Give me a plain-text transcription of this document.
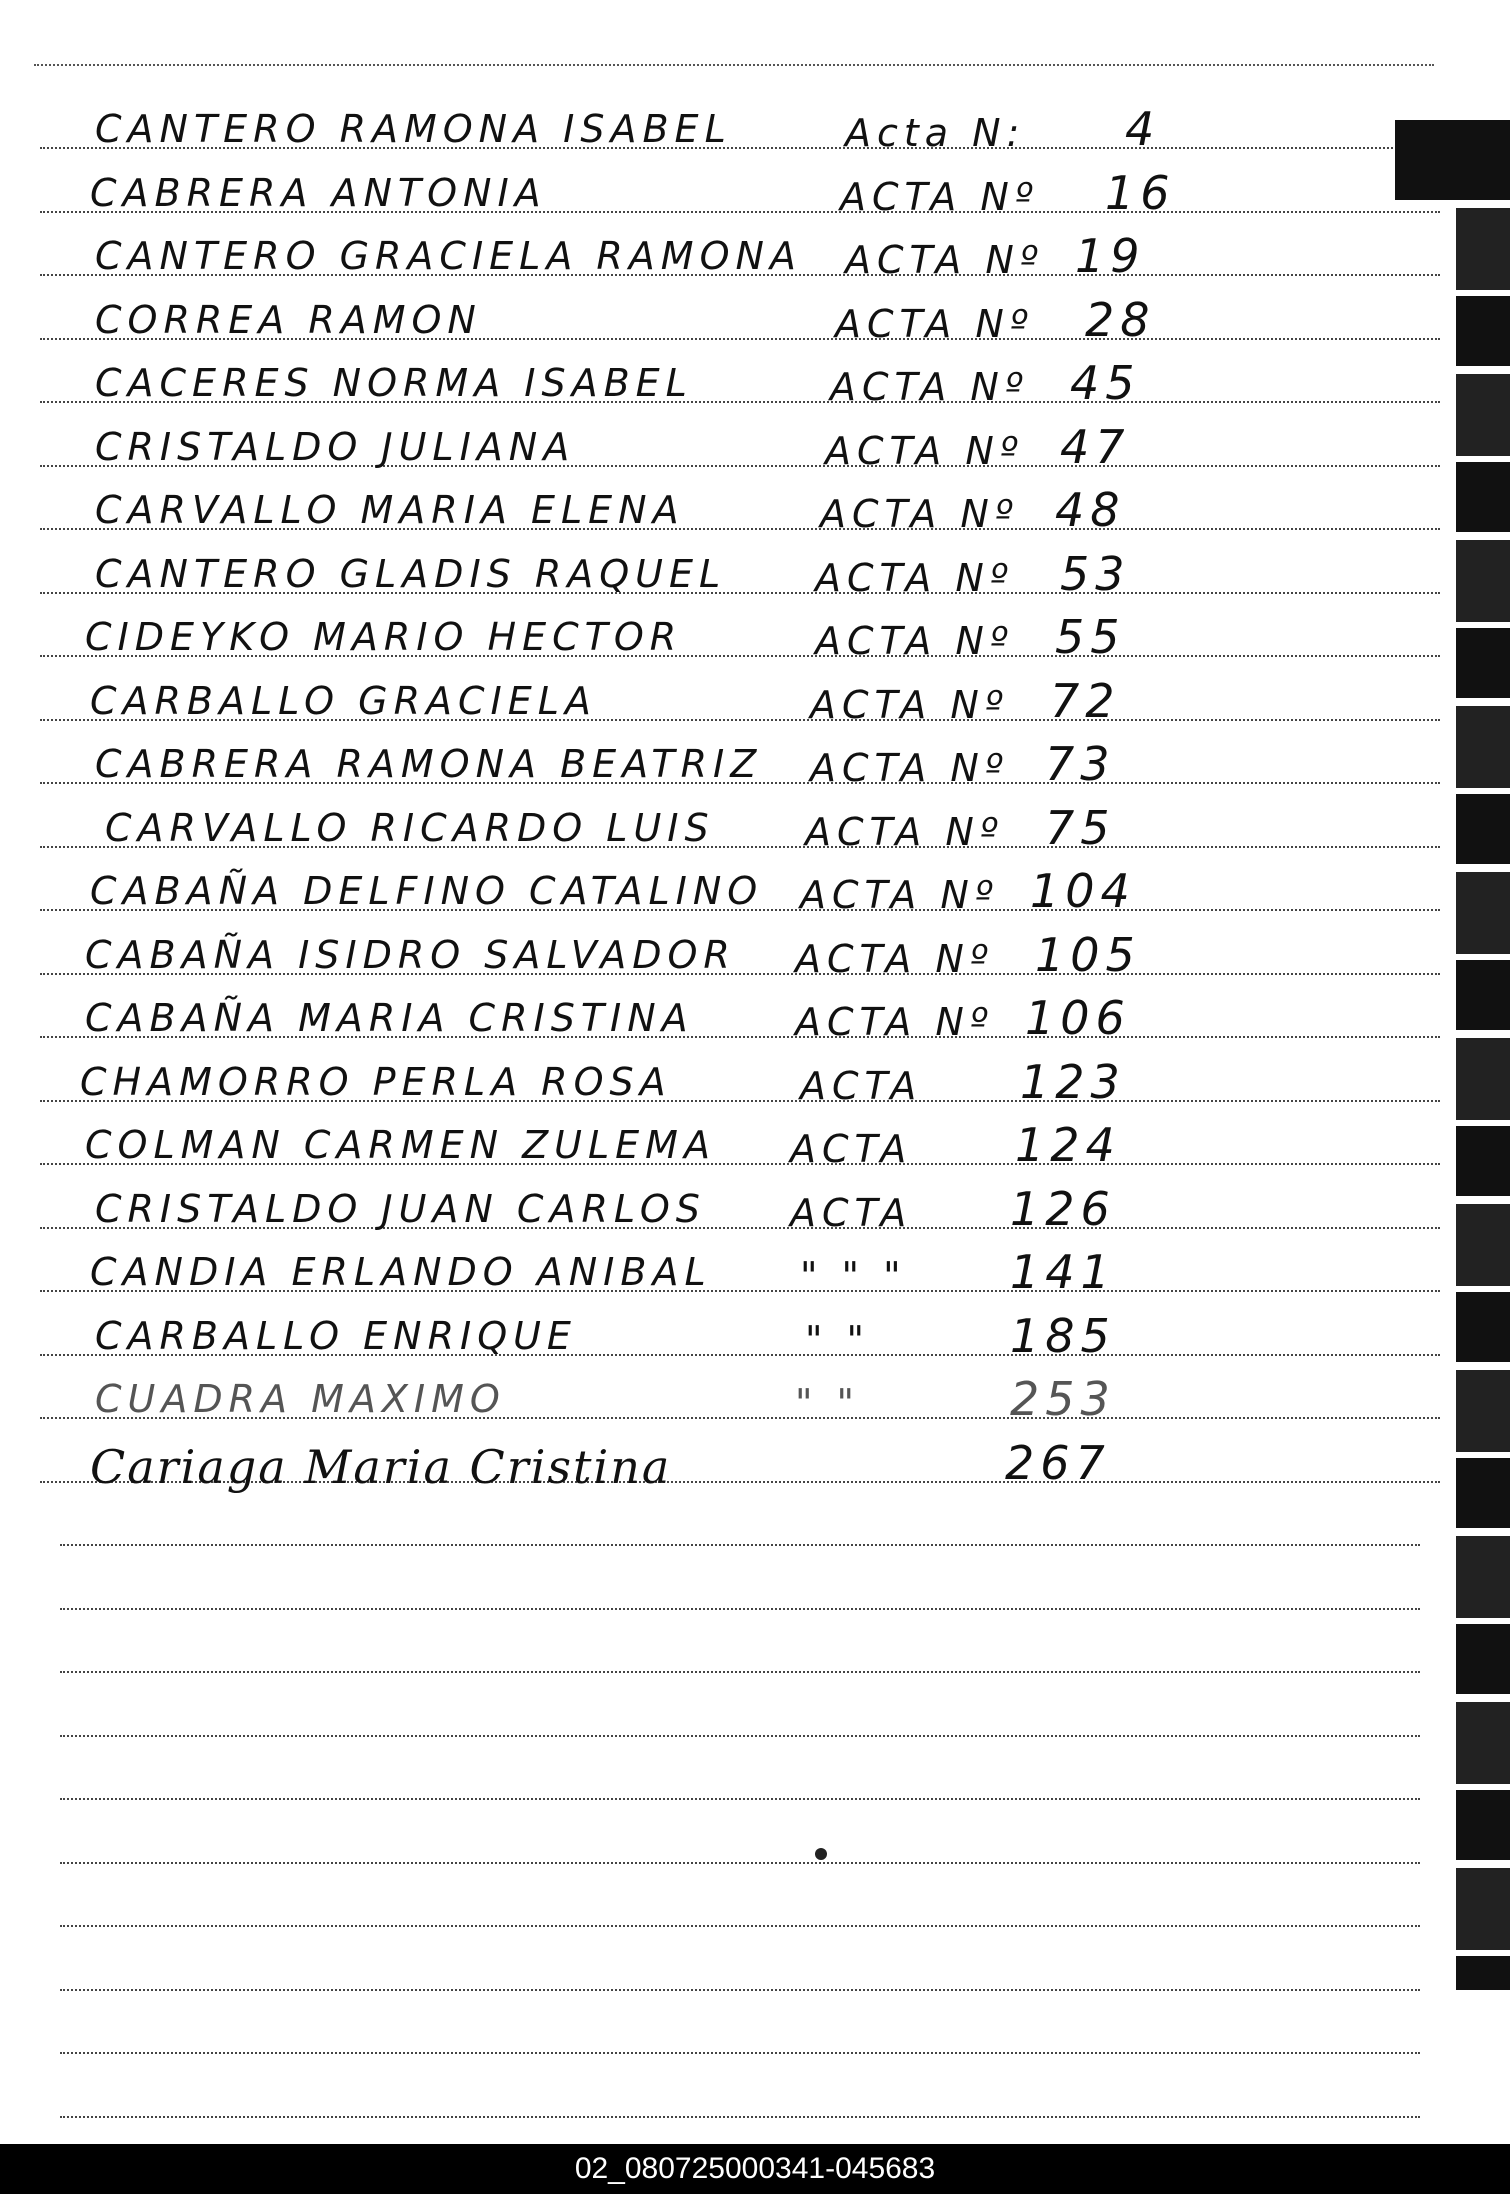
CANTERO RAMONA ISABEL	Acta N: 4
CABRERA ANTONIA	ACTA Nº 16
CANTERO GRACIELA RAMONA ACTA Nº 19
CORREA RAMON	ACTA Nº 28
CACERES NORMA ISABEL	ACTA Nº 45
CRISTALDO JULIANA	ACTA Nº 47
CARVALLO MARIA ELENA	ACTA Nº 48
CANTERO GLADIS RAQUEL ACTA Nº 53
CIDEYKO MARIO HECTOR	ACTA Nº 55
CARBALLO GRACIELA	ACTA Nº 72
CABRERA RAMONA BEATRIZ ACTA Nº 73
CARVALLO RICARDO LUIS ACTA Nº 75
CABAÑA DELFINO CATALINO ACTA Nº 104
CABAÑA ISIDRO SALVADOR ACTA Nº 105
CABAÑA MARIA CRISTINA	ACTA Nº 106
CHAMORRO PERLA ROSA	ACTA 123
COLMAN CARMEN ZULEMA ACTA 124
CRISTALDO JUAN CARLOS ACTA 126
CANDIA ERLANDO ANIBAL " " " 141
CARBALLO ENRIQUE	" "	185
CUADRA MAXIMO	" "	253
Cariaga Maria Cristina	267
02_080725000341-045683
